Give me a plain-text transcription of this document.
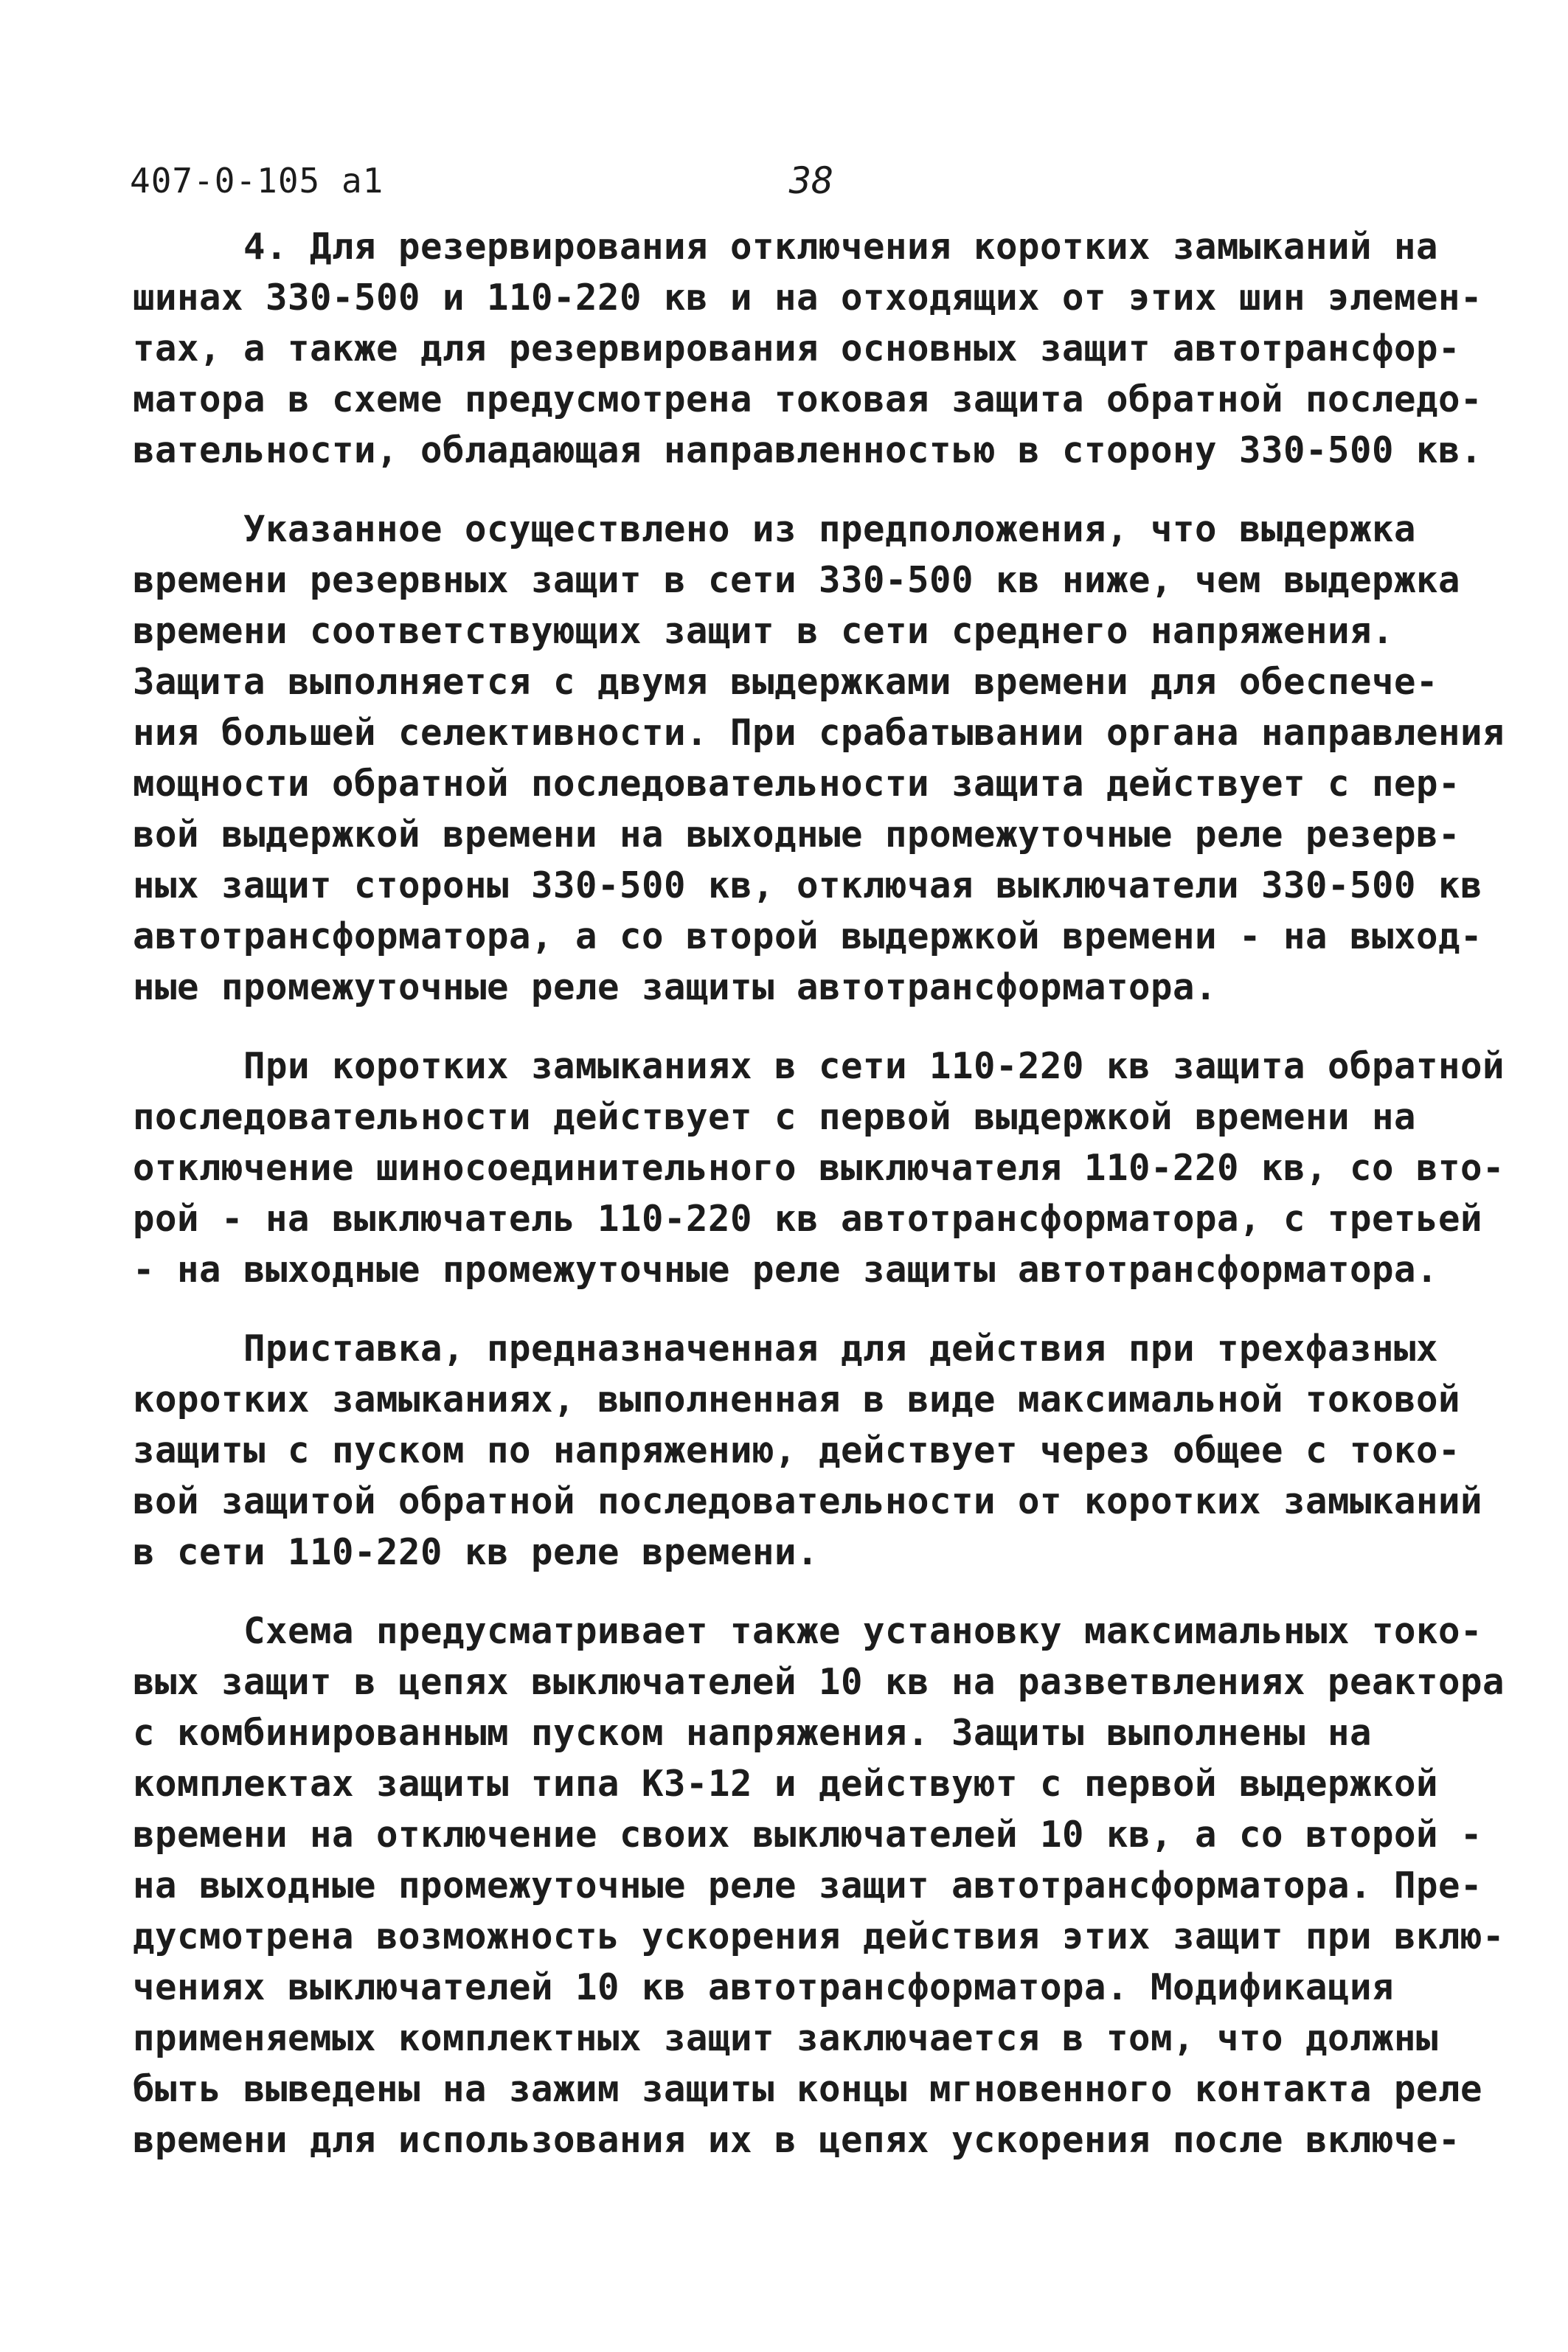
407-0-105 а1	38
4. Для резервирования отключения коротких замыканий на
шинах 330-500 и 110-220 кв и на отходящих от этих шин элемен-
тах, а также для резервирования основных защит автотрансфор-
матора в схеме предусмотрена токовая защита обратной последо-
вательности, обладающая направленностью в сторону 330-500 кв.
Указанное осуществлено из предположения, что выдержка
времени резервных защит в сети 330-500 кв ниже, чем выдержка
времени соответствующих защит в сети среднего напряжения.
Защита выполняется с двумя выдержками времени для обеспече-
ния большей селективности. При срабатывании органа направления
мощности обратной последовательности защита действует с пер-
вой выдержкой времени на выходные промежуточные реле резерв-
ных защит стороны 330-500 кв, отключая выключатели 330-500 кв
автотрансформатора, а со второй выдержкой времени - на выход-
ные промежуточные реле защиты автотрансформатора.
При коротких замыканиях в сети 110-220 кв защита обратной
последовательности действует с первой выдержкой времени на
отключение шиносоединительного выключателя 110-220 кв, со вто-
рой - на выключатель 110-220 кв автотрансформатора, с третьей
- на выходные промежуточные реле защиты автотрансформатора.
Приставка, предназначенная для действия при трехфазных
коротких замыканиях, выполненная в виде максимальной токовой
защиты с пуском по напряжению, действует через общее с токо-
вой защитой обратной последовательности от коротких замыканий
в сети 110-220 кв реле времени.
Схема предусматривает также установку максимальных токо-
вых защит в цепях выключателей 10 кв на разветвлениях реактора
с комбинированным пуском напряжения. Защиты выполнены на
комплектах защиты типа КЗ-12 и действуют с первой выдержкой
времени на отключение своих выключателей 10 кв, а со второй -
на выходные промежуточные реле защит автотрансформатора. Пре-
дусмотрена возможность ускорения действия этих защит при вклю-
чениях выключателей 10 кв автотрансформатора. Модификация
применяемых комплектных защит заключается в том, что должны
быть выведены на зажим защиты концы мгновенного контакта реле
времени для использования их в цепях ускорения после включе-
